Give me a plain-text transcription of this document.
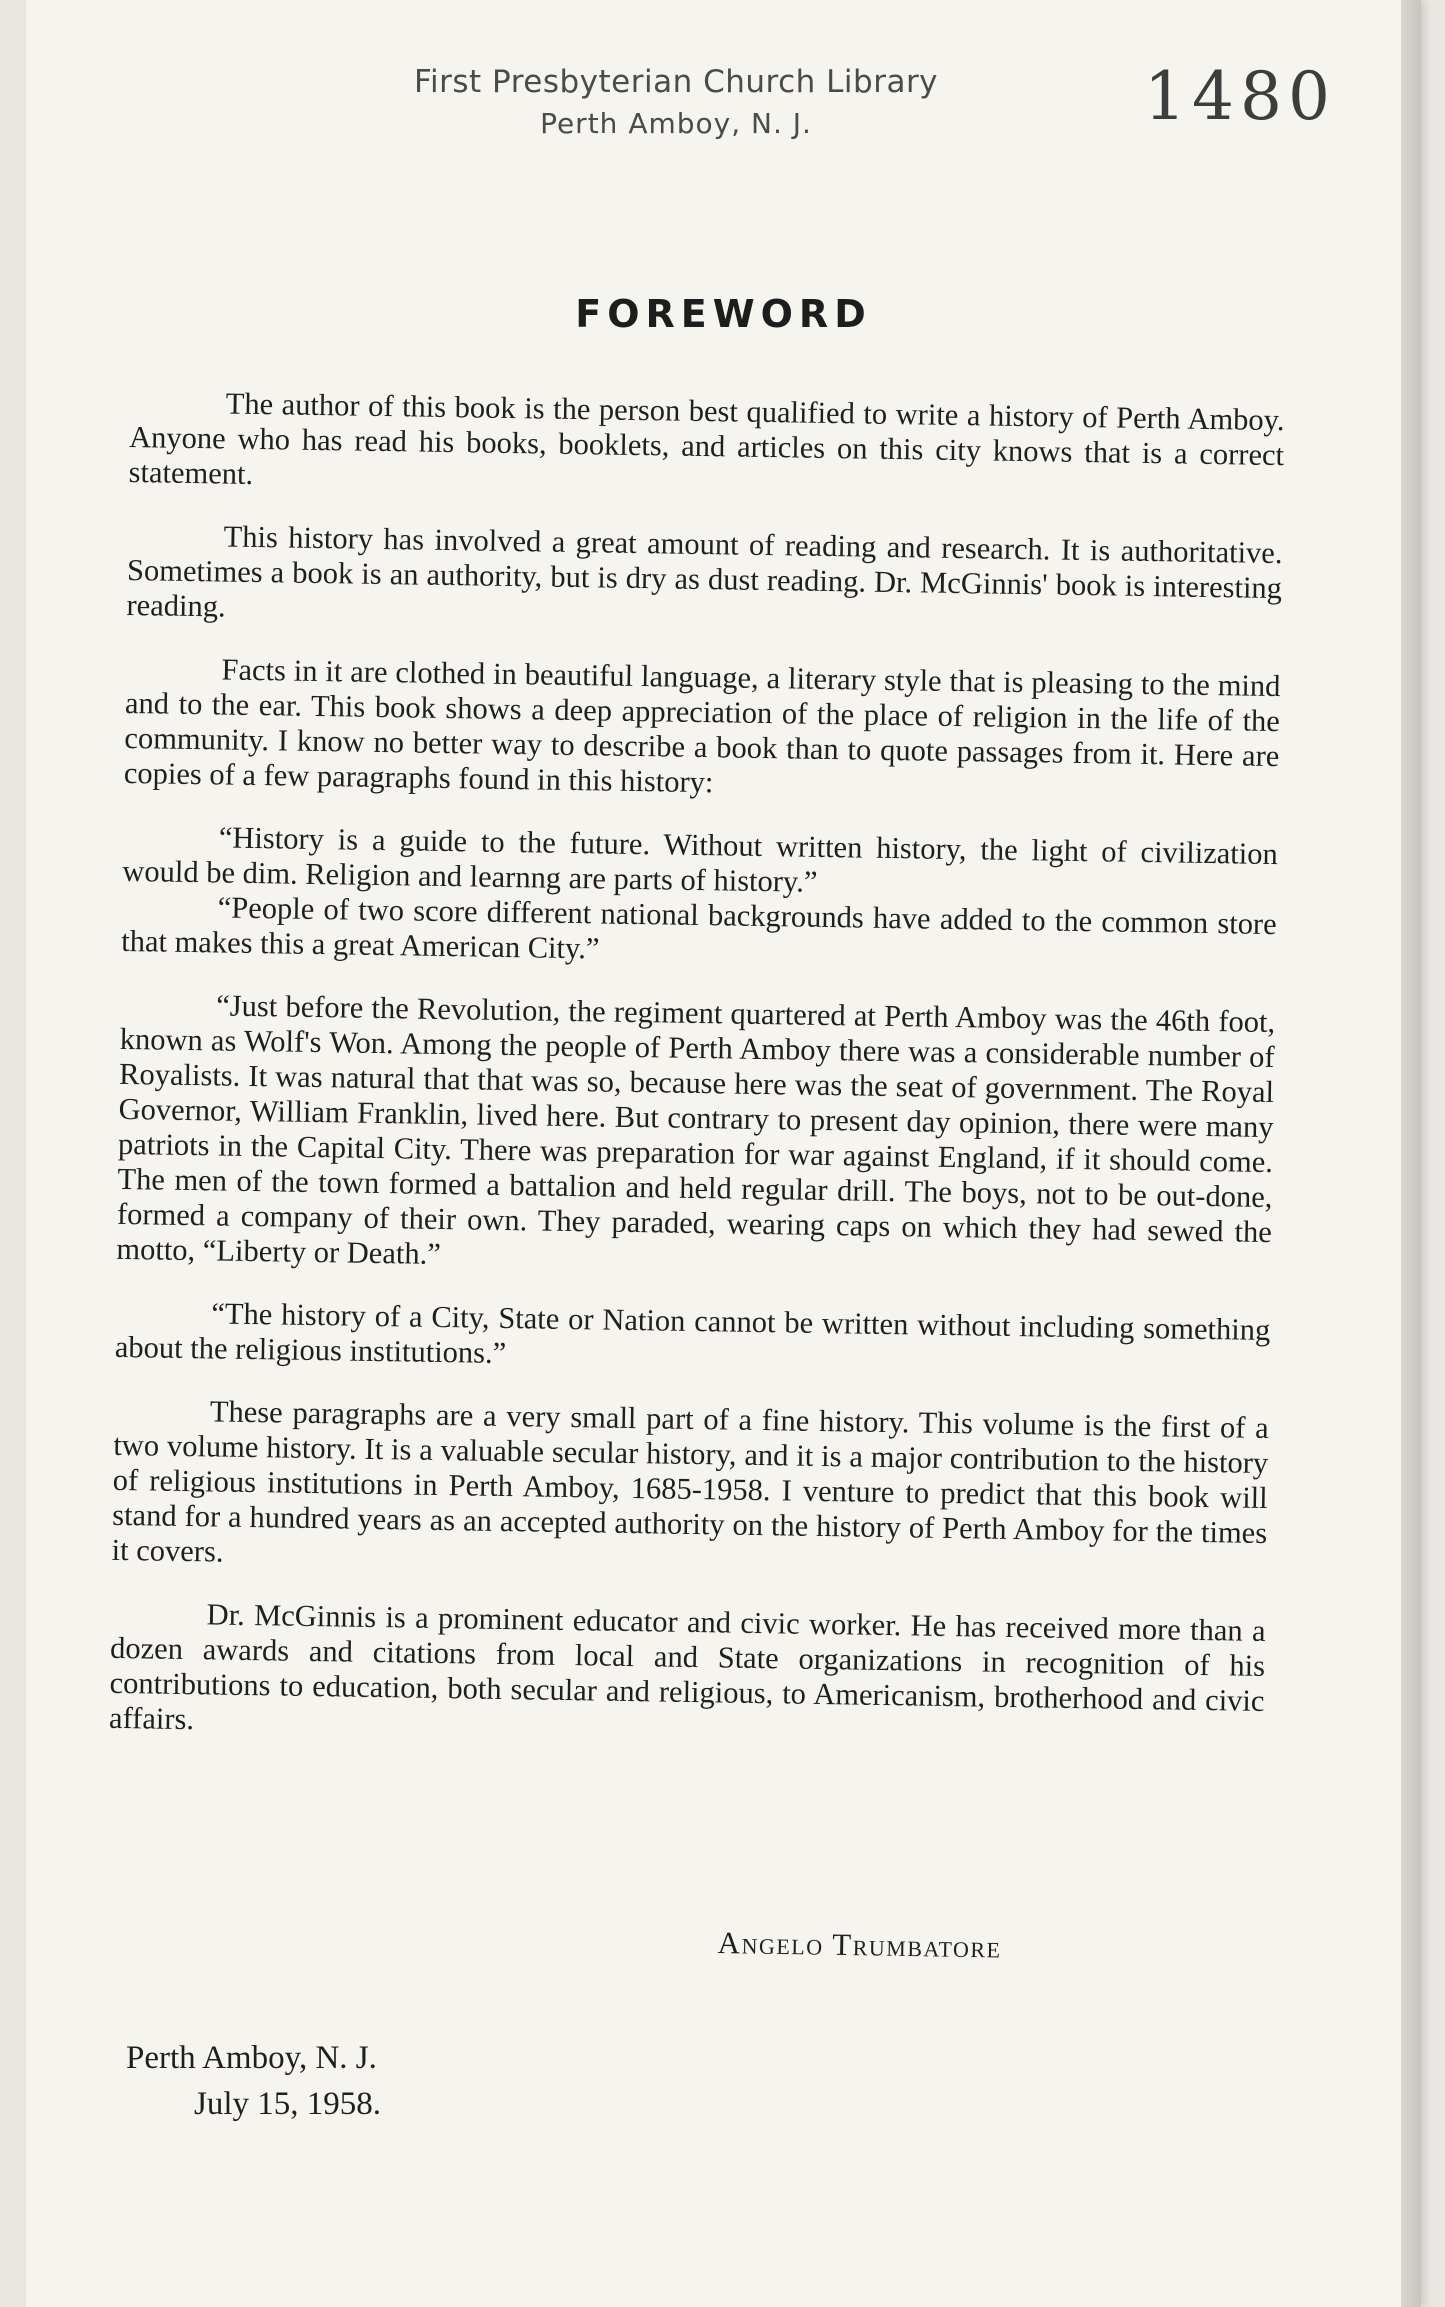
First Presbyterian Church Library
Perth Amboy, N. J.	1480
FOREWORD

The author of this book is the person best qualified to write a history of Perth Amboy. Anyone who has read his books, booklets, and articles on this city knows that is a correct statement.

This history has involved a great amount of reading and research. It is authoritative. Sometimes a book is an authority, but is dry as dust reading. Dr. McGinnis' book is interesting reading.

Facts in it are clothed in beautiful language, a literary style that is pleasing to the mind and to the ear. This book shows a deep appreciation of the place of religion in the life of the community. I know no better way to describe a book than to quote passages from it. Here are copies of a few paragraphs found in this history:

“History is a guide to the future. Without written history, the light of civilization would be dim. Religion and learnng are parts of history.”

“People of two score different national backgrounds have added to the common store that makes this a great American City.”

“Just before the Revolution, the regiment quartered at Perth Amboy was the 46th foot, known as Wolf's Won. Among the people of Perth Amboy there was a considerable number of Royalists. It was natural that that was so, because here was the seat of government. The Royal Governor, William Franklin, lived here. But contrary to present day opinion, there were many patriots in the Capital City. There was preparation for war against England, if it should come. The men of the town formed a battalion and held regular drill. The boys, not to be out-done, formed a company of their own. They paraded, wearing caps on which they had sewed the motto, “Liberty or Death.”

“The history of a City, State or Nation cannot be written without including something about the religious institutions.”

These paragraphs are a very small part of a fine history. This volume is the first of a two volume history. It is a valuable secular history, and it is a major contribution to the history of religious institutions in Perth Amboy, 1685-1958. I venture to predict that this book will stand for a hundred years as an accepted authority on the history of Perth Amboy for the times it covers.

Dr. McGinnis is a prominent educator and civic worker. He has received more than a dozen awards and citations from local and State organizations in recognition of his contributions to education, both secular and religious, to Americanism, brotherhood and civic affairs.

Angelo Trumbatore
Perth Amboy, N. J.
July 15, 1958.
